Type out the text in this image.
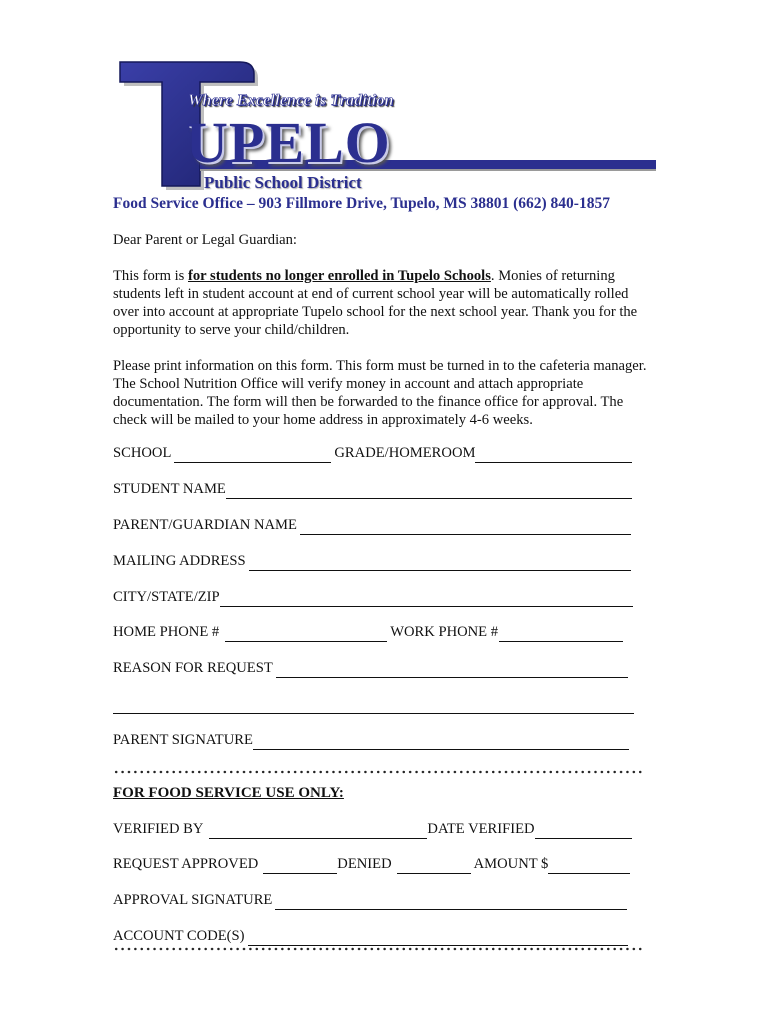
Where Excellence is Tradition

UPELO

Public School District

Food Service Office – 903 Fillmore Drive, Tupelo, MS 38801 (662) 840-1857

Dear Parent or Legal Guardian:

This form is for students no longer enrolled in Tupelo Schools. Monies of returning students left in student account at end of current school year will be automatically rolled over into account at appropriate Tupelo school for the next school year. Thank you for the opportunity to serve your child/children.

Please print information on this form. This form must be turned in to the cafeteria manager. The School Nutrition Office will verify money in account and attach appropriate documentation. The form will then be forwarded to the finance office for approval. The check will be mailed to your home address in approximately 4-6 weeks.

SCHOOL	GRADE/HOMEROOM
STUDENT NAME
PARENT/GUARDIAN NAME
MAILING ADDRESS
CITY/STATE/ZIP
HOME PHONE #	WORK PHONE #
REASON FOR REQUEST
PARENT SIGNATURE

FOR FOOD SERVICE USE ONLY:

VERIFIED BY	DATE VERIFIED
REQUEST APPROVED	DENIED	AMOUNT $
APPROVAL SIGNATURE
ACCOUNT CODE(S)
